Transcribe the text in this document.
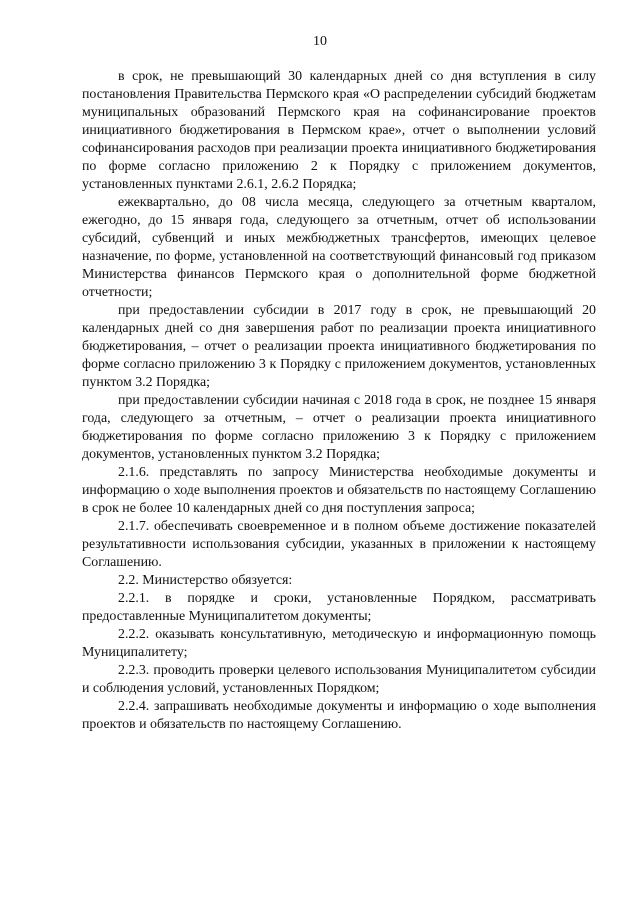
10

в срок, не превышающий 30 календарных дней со дня вступления в силу постановления Правительства Пермского края «О распределении субсидий бюджетам муниципальных образований Пермского края на софинансирование проектов инициативного бюджетирования в Пермском крае», отчет о выполнении условий софинансирования расходов при реализации проекта инициативного бюджетирования по форме согласно приложению 2 к Порядку с приложением документов, установленных пунктами 2.6.1, 2.6.2 Порядка;

ежеквартально, до 08 числа месяца, следующего за отчетным кварталом, ежегодно, до 15 января года, следующего за отчетным, отчет об использовании субсидий, субвенций и иных межбюджетных трансфертов, имеющих целевое назначение, по форме, установленной на соответствующий финансовый год приказом Министерства финансов Пермского края о дополнительной форме бюджетной отчетности;

при предоставлении субсидии в 2017 году в срок, не превышающий 20 календарных дней со дня завершения работ по реализации проекта инициативного бюджетирования, – отчет о реализации проекта инициативного бюджетирования по форме согласно приложению 3 к Порядку с приложением документов, установленных пунктом 3.2 Порядка;

при предоставлении субсидии начиная с 2018 года в срок, не позднее 15 января года, следующего за отчетным, – отчет о реализации проекта инициативного бюджетирования по форме согласно приложению 3 к Порядку с приложением документов, установленных пунктом 3.2 Порядка;

2.1.6. представлять по запросу Министерства необходимые документы и информацию о ходе выполнения проектов и обязательств по настоящему Соглашению в срок не более 10 календарных дней со дня поступления запроса;

2.1.7. обеспечивать своевременное и в полном объеме достижение показателей результативности использования субсидии, указанных в приложении к настоящему Соглашению.

2.2. Министерство обязуется:

2.2.1. в порядке и сроки, установленные Порядком, рассматривать предоставленные Муниципалитетом документы;

2.2.2. оказывать консультативную, методическую и информационную помощь Муниципалитету;

2.2.3. проводить проверки целевого использования Муниципалитетом субсидии и соблюдения условий, установленных Порядком;

2.2.4. запрашивать необходимые документы и информацию о ходе выполнения проектов и обязательств по настоящему Соглашению.
